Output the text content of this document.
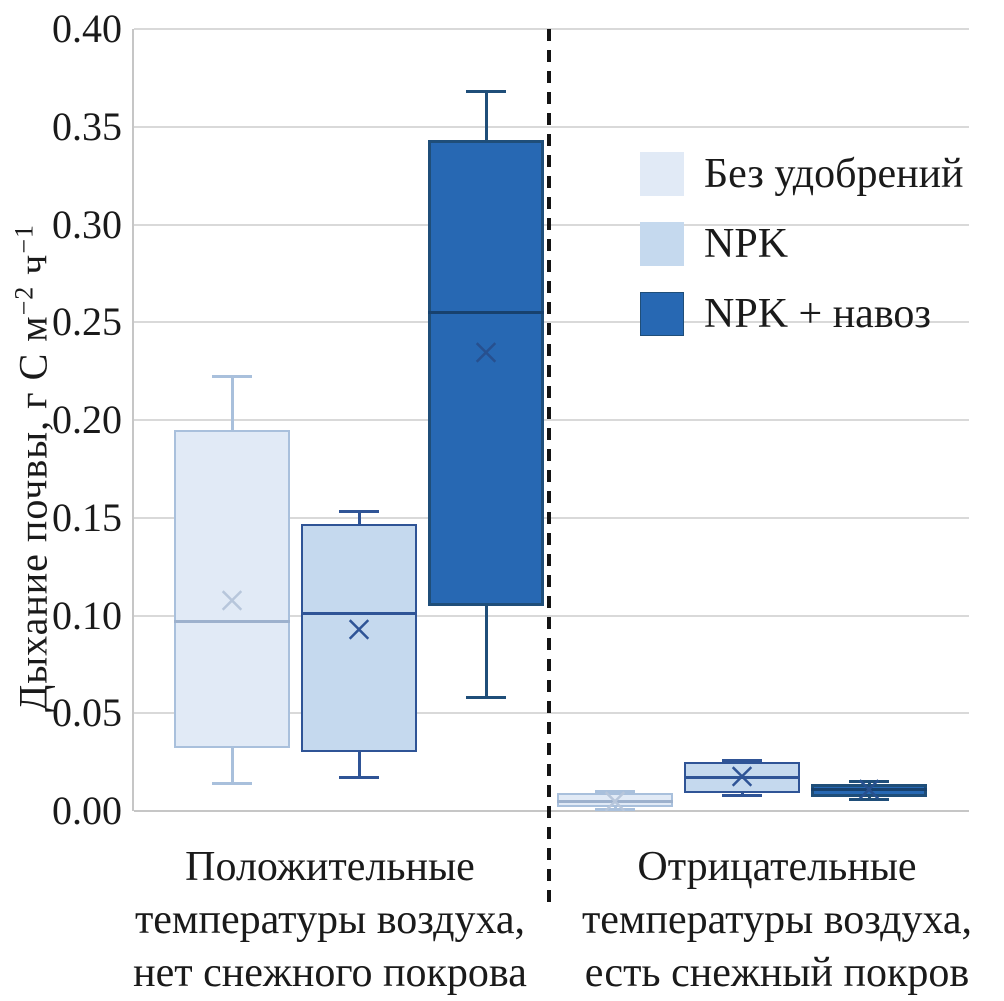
Дыхание почвы, г С $м^{-2}$ $ч^{-1}$
0.00
0.05
0.10
0.15
0.20
0.25
0.30
0.35
0.40
×
×
×
×
×
×
Без удобрений
NPK
NPK + навоз
Положительные
температуры воздуха,
нет снежного покрова
Отрицательные
температуры воздуха,
есть снежный покров
